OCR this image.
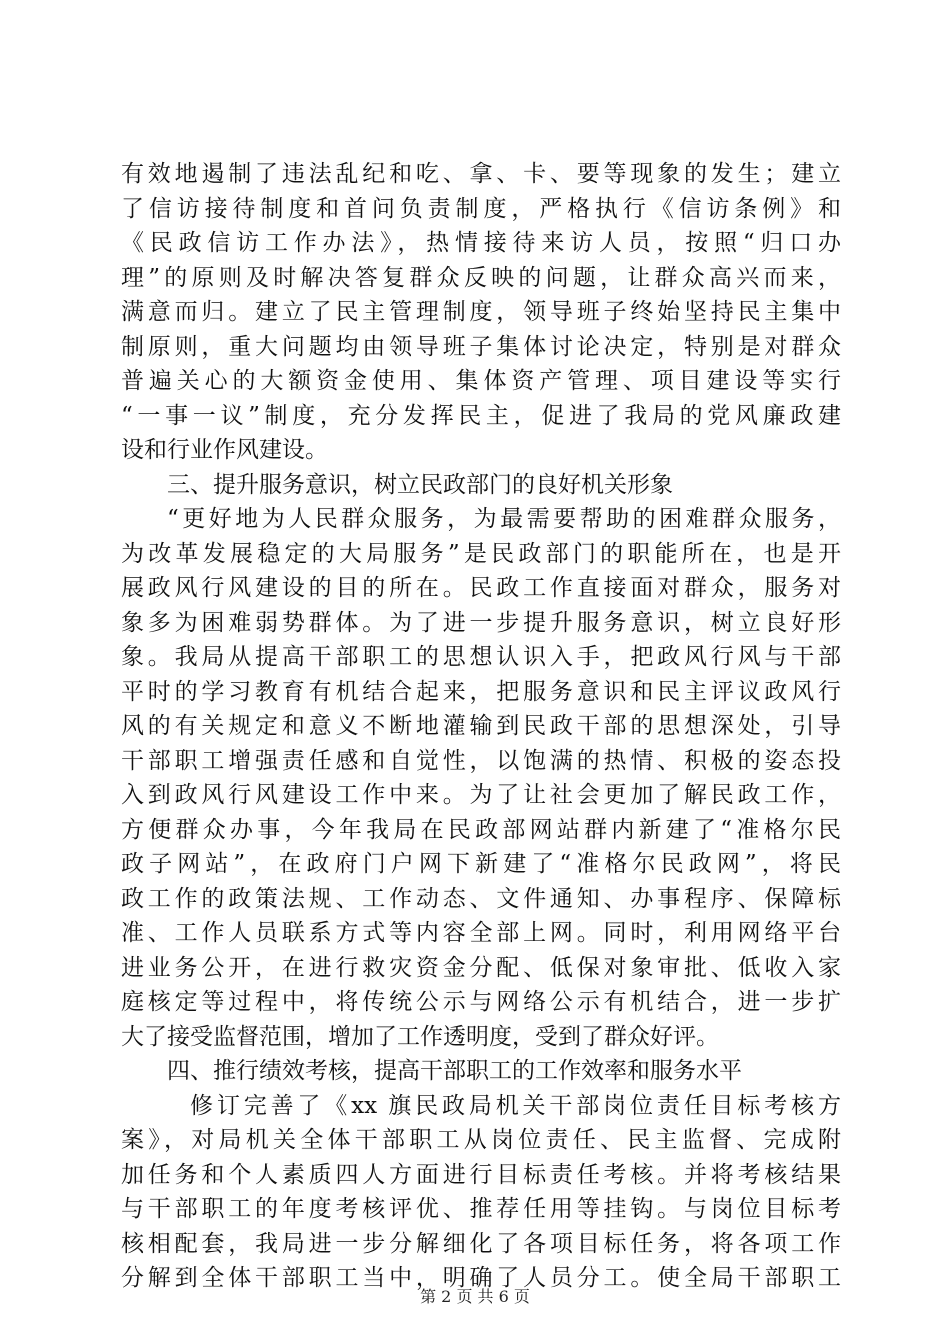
有效地遏制了违法乱纪和吃、拿、卡、要等现象的发生；建立
了信访接待制度和首问负责制度，严格执行《信访条例》和
《民政信访工作办法》，热情接待来访人员，按照“归口办
理”的原则及时解决答复群众反映的问题，让群众高兴而来，
满意而归。建立了民主管理制度，领导班子终始坚持民主集中
制原则，重大问题均由领导班子集体讨论决定，特别是对群众
普遍关心的大额资金使用、集体资产管理、项目建设等实行
“一事一议”制度，充分发挥民主，促进了我局的党风廉政建
设和行业作风建设。
三、提升服务意识，树立民政部门的良好机关形象
“更好地为人民群众服务，为最需要帮助的困难群众服务，
为改革发展稳定的大局服务”是民政部门的职能所在，也是开
展政风行风建设的目的所在。民政工作直接面对群众，服务对
象多为困难弱势群体。为了进一步提升服务意识，树立良好形
象。我局从提高干部职工的思想认识入手，把政风行风与干部
平时的学习教育有机结合起来，把服务意识和民主评议政风行
风的有关规定和意义不断地灌输到民政干部的思想深处，引导
干部职工增强责任感和自觉性，以饱满的热情、积极的姿态投
入到政风行风建设工作中来。为了让社会更加了解民政工作，
方便群众办事，今年我局在民政部网站群内新建了“准格尔民
政子网站”，在政府门户网下新建了“准格尔民政网”，将民
政工作的政策法规、工作动态、文件通知、办事程序、保障标
准、工作人员联系方式等内容全部上网。同时，利用网络平台
进业务公开，在进行救灾资金分配、低保对象审批、低收入家
庭核定等过程中，将传统公示与网络公示有机结合，进一步扩
大了接受监督范围，增加了工作透明度，受到了群众好评。
四、推行绩效考核，提高干部职工的工作效率和服务水平
修订完善了《xx 旗民政局机关干部岗位责任目标考核方
案》，对局机关全体干部职工从岗位责任、民主监督、完成附
加任务和个人素质四人方面进行目标责任考核。并将考核结果
与干部职工的年度考核评优、推荐任用等挂钩。与岗位目标考
核相配套，我局进一步分解细化了各项目标任务，将各项工作
分解到全体干部职工当中，明确了人员分工。使全局干部职工
第 2 页 共 6 页
